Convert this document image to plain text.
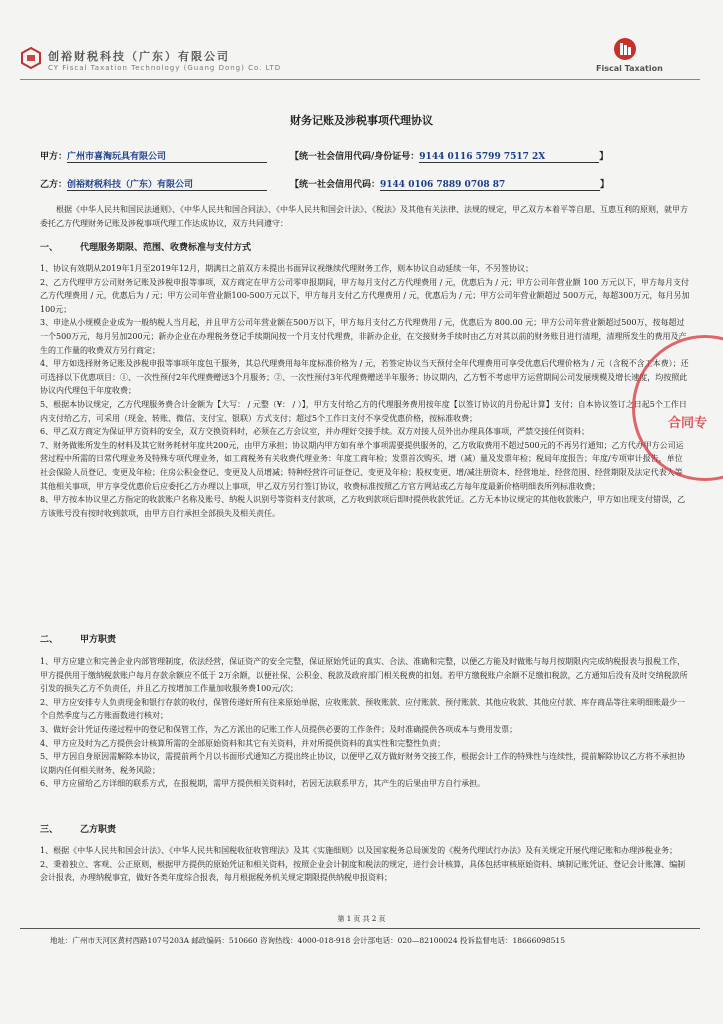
创裕财税科技（广东）有限公司
CY Fiscal Taxation Technology (Guang Dong) Co. LTD	Fiscal Taxation
财务记账及涉税事项代理协议
甲方：广州市喜淘玩具有限公司	【统一社会信用代码/身份证号：9144 0116 5799 7517 2X	】
乙方：创裕财税科技（广东）有限公司	【统一社会信用代码：9144 0106 7889 0708 87	】

根据《中华人民共和国民法通则》、《中华人民共和国合同法》、《中华人民共和国会计法》、《税法》及其他有关法律、法规的规定，甲乙双方本着平等自愿、互惠互利的原则，就甲方委托乙方代理财务记账及涉税事项代理工作达成协议，双方共同遵守：

一、 代理服务期限、范围、收费标准与支付方式

1、协议有效期从2019年1月至2019年12月，期满日之前双方未提出书面异议视继续代理财务工作，则本协议自动延续一年，不另签协议；

2、乙方代理甲方公司财务记账及涉税申报等事项，双方商定在甲方公司零申报期间，甲方每月支付乙方代理费用 / 元，优惠后为 / 元；甲方公司年营业额 100 万元以下，甲方每月支付乙方代理费用 / 元，优惠后为 / 元；甲方公司年营业额100-500万元以下，甲方每月支付乙方代理费用 / 元，优惠后为 / 元；甲方公司年营业额超过 500万元，每超300万元，每月另加100元；

3、申途从小规模企业成为一般纳税人当月起，并且甲方公司年营业额在500万以下，甲方每月支付乙方代理费用 / 元，优惠后为 800.00 元；甲方公司年营业额超过500万，按每超过一个500万元，每月另加200元；新办企业在办理税务登记手续期间按一个月支付代理费，非新办企业，在交接财务手续时由乙方对其以前的财务账目进行清理，清理所发生的费用及产生的工作量的收费双方另行商定；

4、甲方如选择财务记账及涉税申报等事项年度包干服务，其总代理费用每年度标准价格为 / 元，若签定协议当天预付全年代理费用可享受优惠后代理价格为 / 元（含税不含工本费）；还可选择以下优惠项目：①、一次性预付2年代理费赠送3个月服务；②、一次性预付3年代理费赠送半年服务；协议期内，乙方暂不考虑甲方运营期间公司发展规模及增长速度，均按照此协议内代理包干年度收费；

5、根据本协议规定，乙方代理服务费合计金额为【大写： / 元整（¥： / ）】，甲方支付给乙方的代理服务费用按年度【以签订协议的月份起计算】支付；自本协议签订之日起5个工作日内支付给乙方，可采用（现金、转账、微信、支付宝、银联）方式支付；超过5个工作日支付不享受优惠价格，按标准收费；

6、甲乙双方商定为保证甲方资料的安全，双方交换资料时，必须在乙方会议室，并办理好交接手续。双方对接人员外出办理具体事项，严禁交接任何资料；

7、财务做账所发生的材料及其它财务耗材年度共200元，由甲方承担；协议期内甲方如有单个事项需要提供服务的，乙方收取费用不超过500元的不再另行通知；乙方代办甲方公司运营过程中所需的日常代理业务及特殊专项代理业务，如工商税务有关收费代理业务：年度工商年检；发票首次购买、增（减）量及发票年检；税局年度报告；年度/专项审计报告，单位社会保险人员登记、变更及年检；住房公积金登记、变更及人员增减；特种经营许可证登记、变更及年检；股权变更、增/减注册资本、经营地址、经营范围、经营期限及法定代表人等其他相关事项，甲方享受优惠价后应委托乙方办理以上事项，甲乙双方另行签订协议，收费标准按照乙方官方网站或乙方每年度最新价格明细表所列标准收费；

8、甲方按本协议里乙方指定的收款账户名称及账号、纳税人识别号等资料支付款项，乙方收到款项后即时提供收款凭证。乙方无本协议规定的其他收款账户，甲方如出现支付错误，乙方该账号没有按时收到款项，由甲方自行承担全部损失及相关责任。

二、 甲方职责

1、甲方应建立和完善企业内部管理制度，依法经营，保证资产的安全完整，保证原始凭证的真实、合法、准确和完整，以便乙方能及时做账与每月按期限内完成纳税报表与报税工作，甲方提供用于缴纳税款账户每月存款余额应不低于 2万余额，以便社保、公积金、税款及政府部门相关税费的扣划。若甲方缴税账户余额不足缴扣税款，乙方通知后没有及时交纳税款所引发的损失乙方不负责任，并且乙方按增加工作量加收服务费100元/次；

2、甲方应安排专人负责现金和银行存款的收付，保管传递好所有往来原始单据，应收账款、预收账款、应付账款、预付账款、其他应收款、其他应付款、库存商品等往来明细账最少一个自然季度与乙方账面数进行核对；

3、做好会计凭证传递过程中的登记和保管工作，为乙方派出的记账工作人员提供必要的工作条件；及时准确提供各项成本与费用发票；

4、甲方应及时为乙方提供会计核算所需的全部原始资料和其它有关资料，并对所提供资料的真实性和完整性负责；

5、甲方因自身原因需解除本协议，需提前两个月以书面形式通知乙方提出终止协议，以便甲乙双方做好财务交接工作，根据会计工作的特殊性与连续性，提前解除协议乙方将不承担协议期内任何相关财务、税务风险；

6、甲方应留给乙方详细的联系方式，在报税期，需甲方提供相关资料时，若因无法联系甲方，其产生的后果由甲方自行承担。

三、 乙方职责

1、根据《中华人民共和国会计法》、《中华人民共和国税收征收管理法》及其《实施细则》以及国家税务总局颁发的《税务代理试行办法》及有关规定开展代理记账和办理涉税业务；

2、秉着独立、客观、公正原则，根据甲方提供的原始凭证和相关资料，按照企业会计制度和税法的规定，进行会计核算，具体包括审核原始资料、填制记账凭证、登记会计账簿、编制会计报表，办理纳税事宜，做好各类年度综合报表，每月根据税务机关规定期限提供纳税申报资料；

第 1 页 共 2 页
地址：广州市天河区黄村西路107号203A 邮政编码：510660 咨询热线：4000-018-918 会计部电话：020—82100024 投诉监督电话：18666098515
合同专
